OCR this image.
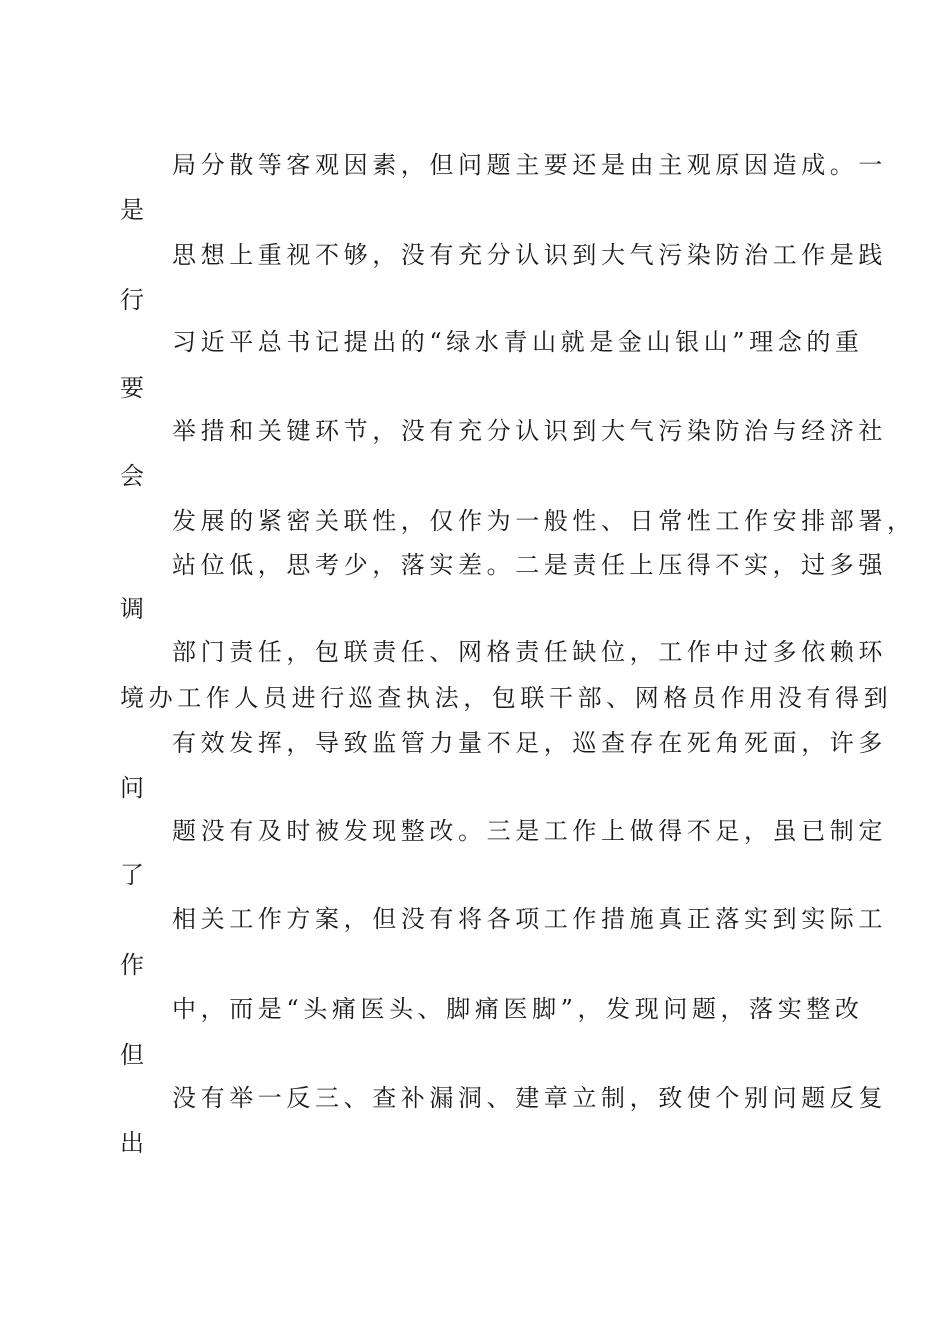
局分散等客观因素，但问题主要还是由主观原因造成。一
是
思想上重视不够，没有充分认识到大气污染防治工作是践
行
习近平总书记提出的“绿水青山就是金山银山”理念的重
要
举措和关键环节，没有充分认识到大气污染防治与经济社
会
发展的紧密关联性，仅作为一般性、日常性工作安排部署，
站位低，思考少，落实差。二是责任上压得不实，过多强
调
部门责任，包联责任、网格责任缺位，工作中过多依赖环
境办工作人员进行巡查执法，包联干部、网格员作用没有得到
有效发挥，导致监管力量不足，巡查存在死角死面，许多
问
题没有及时被发现整改。三是工作上做得不足，虽已制定
了
相关工作方案，但没有将各项工作措施真正落实到实际工
作
中，而是“头痛医头、脚痛医脚”，发现问题，落实整改
但
没有举一反三、查补漏洞、建章立制，致使个别问题反复
出
